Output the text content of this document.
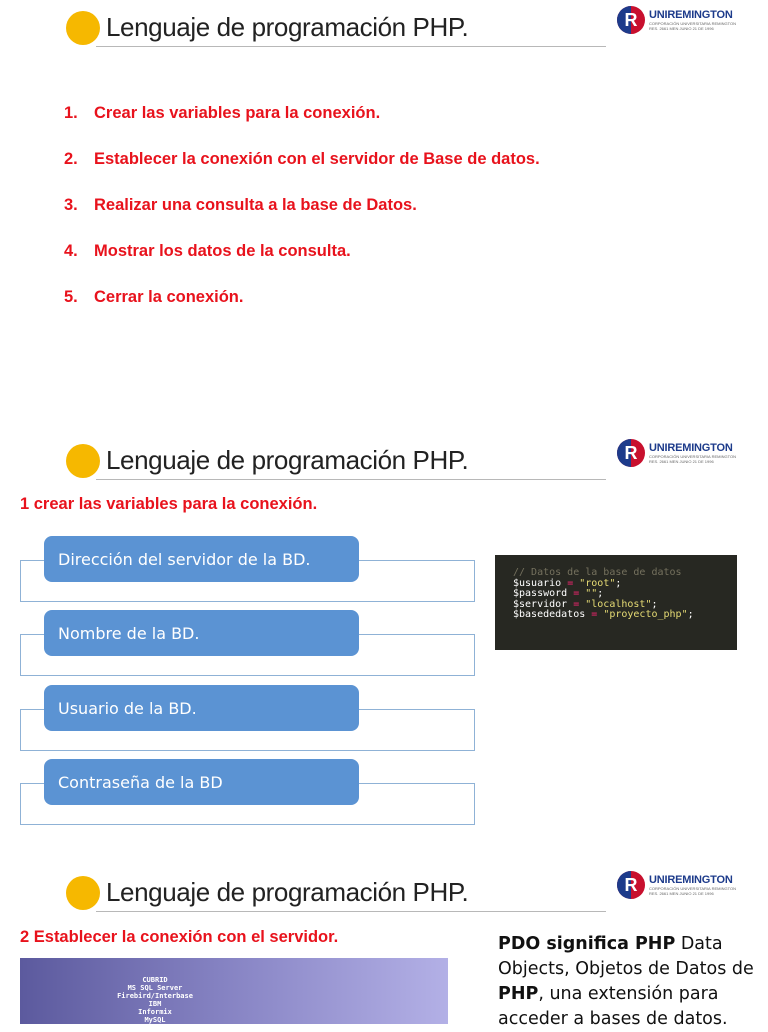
Lenguaje de programación PHP. R	UNIREMINGTON
CORPORACIÓN UNIVERSITARIA REMINGTON
RES. 2661 MEN JUNIO 21 DE 1996
1. Crear las variables para la conexión.
2. Establecer la conexión con el servidor de Base de datos.
3. Realizar una consulta a la base de Datos.
4. Mostrar los datos de la consulta.
5. Cerrar la conexión.
Lenguaje de programación PHP. R	UNIREMINGTON
CORPORACIÓN UNIVERSITARIA REMINGTON
RES. 2661 MEN JUNIO 21 DE 1996
1 crear las variables para la conexión.
Dirección del servidor de la BD.
Nombre de la BD.
Usuario de la BD.
Contraseña de la BD
// Datos de la base de datos
$usuario = "root";
$password = "";
$servidor = "localhost";
$basededatos = "proyecto_php";
Lenguaje de programación PHP. R	UNIREMINGTON
CORPORACIÓN UNIVERSITARIA REMINGTON
RES. 2661 MEN JUNIO 21 DE 1996
2 Establecer la conexión con el servidor.
CUBRID
MS SQL Server
Firebird/Interbase
IBM
Informix
MySQL
PDO significa PHP Data Objects, Objetos de Datos de PHP, una extensión para acceder a bases de datos.
